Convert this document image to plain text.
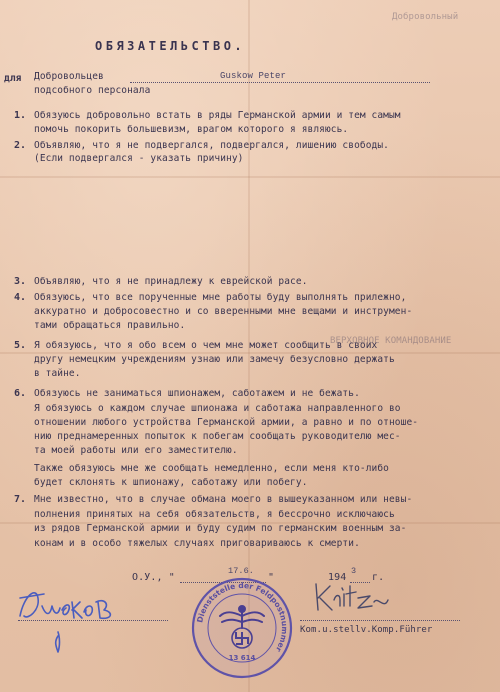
Добровольный
ВЕРХОВНОЕ КОМАНДОВАНИЕ
ОБЯЗАТЕЛЬСТВО.
для Добровольцев
подсобного персонала
Guskow Peter
1. Обязуюсь добровольно встать в ряды Германской армии и тем самым
помочь покорить большевизм, врагом которого я являюсь.
2. Объявляю, что я не подвергался, подвергался, лишению свободы.
(Если подвергался - указать причину)
3. Объявляю, что я не принадлежу к еврейской расе.
4. Обязуюсь, что все порученные мне работы буду выполнять прилежно,
аккуратно и добросовестно и со вверенными мне вещами и инструмен-
тами обращаться правильно.
5. Я обязуюсь, что я обо всем о чем мне может сообщить в своих
другу немецким учреждениям узнаю или замечу безусловно держать
в тайне.
6. Обязуюсь не заниматься шпионажем, саботажем и не бежать.
Я обязуюсь о каждом случае шпионажа и саботажа направленного во
отношении любого устройства Германской армии, а равно и по отноше-
нию преднамеренных попыток к побегам сообщать руководителю мес-
та моей работы или его заместителю.
Также обязуюсь мне же сообщать немедленно, если меня кто-либо
будет склонять к шпионажу, саботажу или побегу.
7. Мне известно, что в случае обмана моего в вышеуказанном или невы-
полнения принятых на себя обязательств, я бессрочно исключаюсь
из рядов Германской армии и буду судим по германским военным за-
конам и в особо тяжелых случаях приговариваюсь к смерти.
О.У., "
17.6.
"	194
3
г.
Kom.u.stellv.Komp.Führer
Dienststelle der Feldpostnummer
13 614
